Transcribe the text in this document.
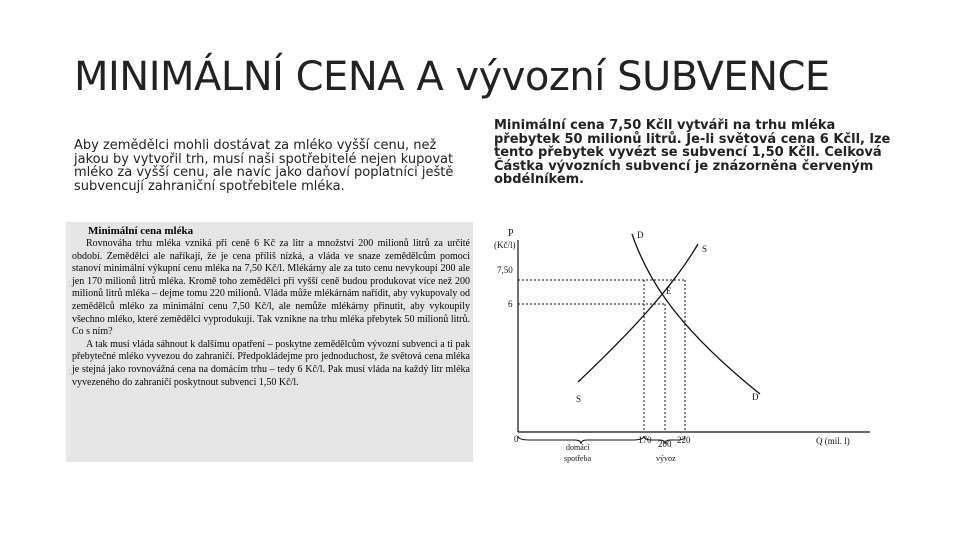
MINIMÁLNÍ CENA A vývozní SUBVENCE

Aby zemědělci mohli dostávat za mléko vyšší cenu, než jakou by vytvořil trh, musí naši spotřebitelé nejen kupovat mléko za vyšší cenu, ale navíc jako daňoví poplatníci ještě subvencují zahraniční spotřebitele mléka.

Minimální cena 7,50 Kčll vytváři na trhu mléka přebytek 50 milionů litrů. Je-li světová cena 6 Kčll, lze tento přebytek vyvézt se subvencí 1,50 Kčll. Celková Částka vývozních subvencí je znázorněna červeným obdélníkem.

Minimální cena mléka

Rovnováha trhu mléka vzniká při ceně 6 Kč za litr a množství 200 milionů litrů za určité období. Zemědělci ale naříkají, že je cena příliš nízká, a vláda ve snaze zemědělcům pomoci stanoví minimální výkupní cenu mléka na 7,50 Kč/l. Mlékárny ale za tuto cenu nevykoupí 200 ale jen 170 milionů litrů mléka. Kromě toho zemědělci při vyšší ceně budou produkovat více než 200 milionů litrů mléka – dejme tomu 220 milionů. Vláda může mlékárnám nařídit, aby vykupovaly od zemědělců mléko za minimální cenu 7,50 Kč/l, ale nemůže mlékárny přinutit, aby vykoupily všechno mléko, které zemědělci vyprodukují. Tak vznikne na trhu mléka přebytek 50 milionů litrů. Co s ním?

A tak musí vláda sáhnout k dalšímu opatření – poskytne zemědělcům vývozní subvenci a ti pak přebytečné mléko vyvezou do zahraničí. Předpokládejme pro jednoduchost, že světová cena mléka je stejná jako rovnovážná cena na domácím trhu – tedy 6 Kč/l. Pak musí vláda na každý litr mléka vyvezeného do zahraničí poskytnout subvenci 1,50 Kč/l.

P
(Kč/l)
7,50
6
0	170 200 220	Q (mil. l)
D
S
S	D
E
domácí
spotřeba	vývoz
